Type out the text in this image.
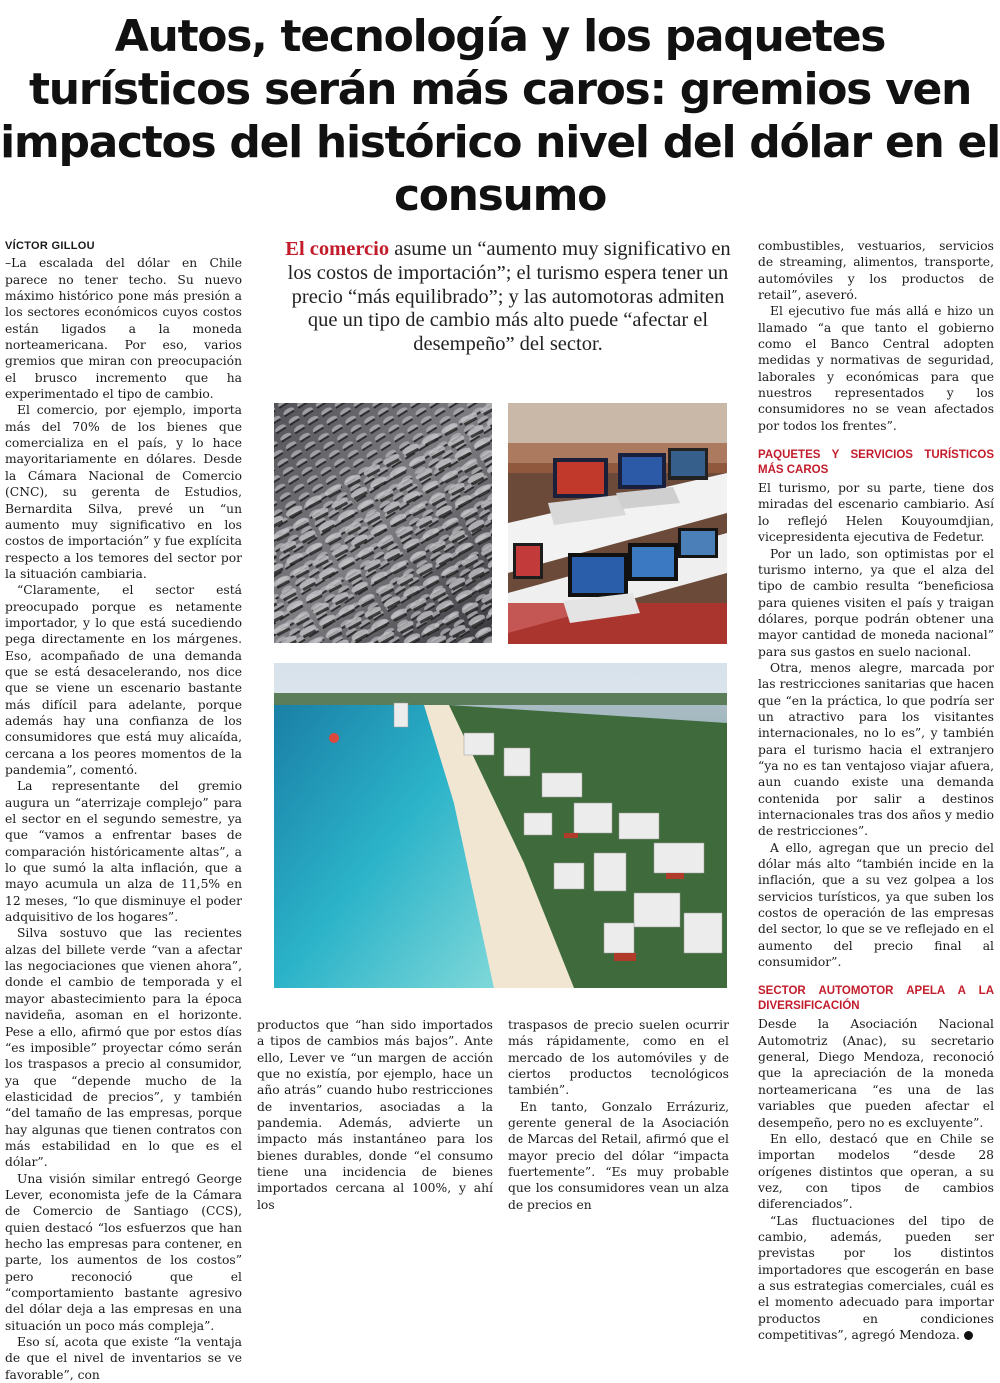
Autos, tecnología y los paquetes turísticos serán más caros: gremios ven impactos del histórico nivel del dólar en el consumo
VÍCTOR GILLOU

–La escalada del dólar en Chile parece no tener techo. Su nuevo máximo histórico pone más presión a los sectores económicos cuyos costos están ligados a la moneda norteamericana. Por eso, varios gremios que miran con preocupación el brusco incremento que ha experimentado el tipo de cambio.

El comercio, por ejemplo, importa más del 70% de los bienes que comercializa en el país, y lo hace mayoritariamente en dólares. Desde la Cámara Nacional de Comercio (CNC), su gerenta de Estudios, Bernardita Silva, prevé un “un aumento muy significativo en los costos de importación” y fue explícita respecto a los temores del sector por la situación cambiaria.

“Claramente, el sector está preocupado porque es netamente importador, y lo que está sucediendo pega directamente en los márgenes. Eso, acompañado de una demanda que se está desacelerando, nos dice que se viene un escenario bastante más difícil para adelante, porque además hay una confianza de los consumidores que está muy alicaída, cercana a los peores momentos de la pandemia”, comentó.

La representante del gremio augura un “aterrizaje complejo” para el sector en el segundo semestre, ya que “vamos a enfrentar bases de comparación históricamente altas”, a lo que sumó la alta inflación, que a mayo acumula un alza de 11,5% en 12 meses, “lo que disminuye el poder adquisitivo de los hogares”.

Silva sostuvo que las recientes alzas del billete verde “van a afectar las negociaciones que vienen ahora”, donde el cambio de temporada y el mayor abastecimiento para la época navideña, asoman en el horizonte. Pese a ello, afirmó que por estos días “es imposible” proyectar cómo serán los traspasos a precio al consumidor, ya que “depende mucho de la elasticidad de precios”, y también “del tamaño de las empresas, porque hay algunas que tienen contratos con más estabilidad en lo que es el dólar”.

Una visión similar entregó George Lever, economista jefe de la Cámara de Comercio de Santiago (CCS), quien destacó “los esfuerzos que han hecho las empresas para contener, en parte, los aumentos de los costos” pero reconoció que el “comportamiento bastante agresivo del dólar deja a las empresas en una situación un poco más compleja”.

Eso sí, acota que existe “la ventaja de que el nivel de inventarios se ve favorable”, con

El comercio asume un “aumento muy significativo en los costos de importación”; el turismo espera tener un precio “más equilibrado”; y las automotoras admiten que un tipo de cambio más alto puede “afectar el desempeño” del sector.

productos que “han sido importados a tipos de cambios más bajos”. Ante ello, Lever ve “un margen de acción que no existía, por ejemplo, hace un año atrás” cuando hubo restricciones de inventarios, asociadas a la pandemia. Además, advierte un impacto más instantáneo para los bienes durables, donde “el consumo tiene una incidencia de bienes importados cercana al 100%, y ahí los

traspasos de precio suelen ocurrir más rápidamente, como en el mercado de los automóviles y de ciertos productos tecnológicos también”.

En tanto, Gonzalo Errázuriz, gerente general de la Asociación de Marcas del Retail, afirmó que el mayor precio del dólar “impacta fuertemente”. “Es muy probable que los consumidores vean un alza de precios en

combustibles, vestuarios, servicios de streaming, alimentos, transporte, automóviles y los productos de retail”, aseveró.

El ejecutivo fue más allá e hizo un llamado “a que tanto el gobierno como el Banco Central adopten medidas y normativas de seguridad, laborales y económicas para que nuestros representados y los consumidores no se vean afectados por todos los frentes”.

PAQUETES Y SERVICIOS TURÍSTICOS MÁS CAROS

El turismo, por su parte, tiene dos miradas del escenario cambiario. Así lo reflejó Helen Kouyoumdjian, vicepresidenta ejecutiva de Fedetur.

Por un lado, son optimistas por el turismo interno, ya que el alza del tipo de cambio resulta “beneficiosa para quienes visiten el país y traigan dólares, porque podrán obtener una mayor cantidad de moneda nacional” para sus gastos en suelo nacional.

Otra, menos alegre, marcada por las restricciones sanitarias que hacen que “en la práctica, lo que podría ser un atractivo para los visitantes internacionales, no lo es”, y también para el turismo hacia el extranjero “ya no es tan ventajoso viajar afuera, aun cuando existe una demanda contenida por salir a destinos internacionales tras dos años y medio de restricciones”.

A ello, agregan que un precio del dólar más alto “también incide en la inflación, que a su vez golpea a los servicios turísticos, ya que suben los costos de operación de las empresas del sector, lo que se ve reflejado en el aumento del precio final al consumidor”.

SECTOR AUTOMOTOR APELA A LA DIVERSIFICACIÓN

Desde la Asociación Nacional Automotriz (Anac), su secretario general, Diego Mendoza, reconoció que la apreciación de la moneda norteamericana “es una de las variables que pueden afectar el desempeño, pero no es excluyente”.

En ello, destacó que en Chile se importan modelos “desde 28 orígenes distintos que operan, a su vez, con tipos de cambios diferenciados”.

“Las fluctuaciones del tipo de cambio, además, pueden ser previstas por los distintos importadores que escogerán en base a sus estrategias comerciales, cuál es el momento adecuado para importar productos en condiciones competitivas”, agregó Mendoza. P
